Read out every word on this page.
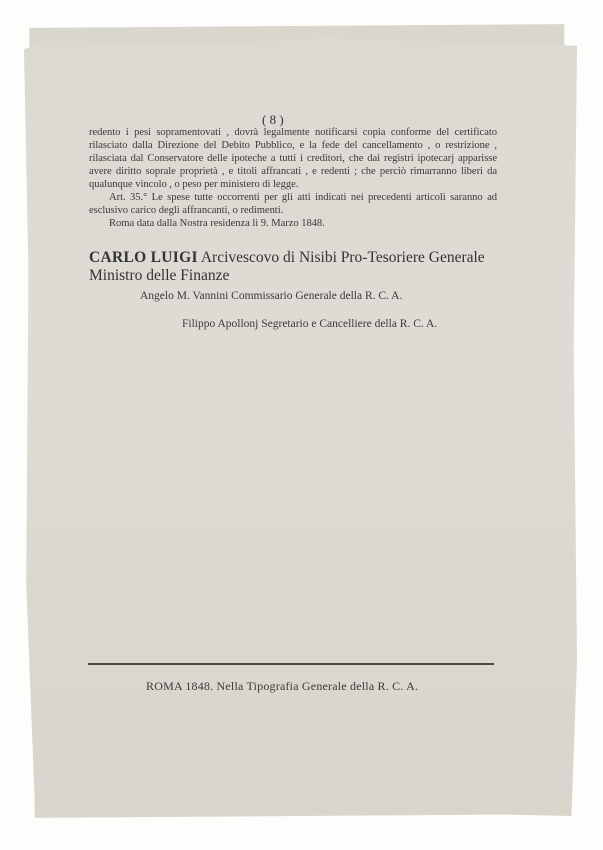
( 8 )

redento i pesi sopramentovati , dovrà legalmente notificarsi copia conforme del certificato rilasciato dalla Direzione del Debito Pubblico, e la fede del cancellamento , o restrizione , rilasciata dal Conservatore delle ipoteche a tutti i creditori, che dai registri ipotecarj apparisse avere diritto soprale proprietà , e titoli affrancati , e redenti ; che perciò rimarranno liberi da qualunque vincolo , o peso per ministero di legge.

Art. 35.° Le spese tutte occorrenti per gli atti indicati nei precedenti articoli saranno ad esclusivo carico degli affrancanti, o redimenti.

Roma data dalla Nostra residenza li 9. Marzo 1848.

CARLO LUIGI Arcivescovo di Nisibi Pro-Tesoriere Generale Ministro delle Finanze
Angelo M. Vannini Commissario Generale della R. C. A.
Filippo Apollonj Segretario e Cancelliere della R. C. A.
ROMA 1848. Nella Tipografia Generale della R. C. A.
